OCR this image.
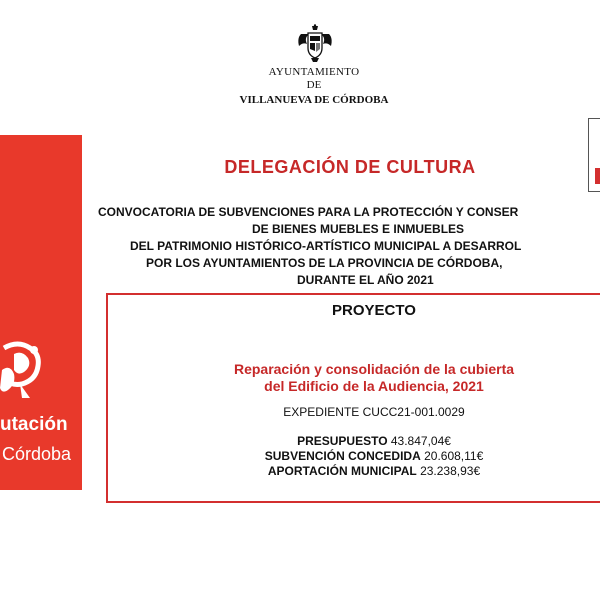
AYUNTAMIENTO
DE
VILLANUEVA DE CÓRDOBA
utación
Córdoba
DELEGACIÓN DE CULTURA
CONVOCATORIA DE SUBVENCIONES PARA LA PROTECCIÓN Y CONSER
DE BIENES MUEBLES E INMUEBLES
DEL PATRIMONIO HISTÓRICO-ARTÍSTICO MUNICIPAL A DESARROL
POR LOS AYUNTAMIENTOS DE LA PROVINCIA DE CÓRDOBA,
DURANTE EL AÑO 2021
PROYECTO
Reparación y consolidación de la cubierta
del Edificio de la Audiencia, 2021
EXPEDIENTE CUCC21-001.0029
PRESUPUESTO 43.847,04€
SUBVENCIÓN CONCEDIDA 20.608,11€
APORTACIÓN MUNICIPAL 23.238,93€
